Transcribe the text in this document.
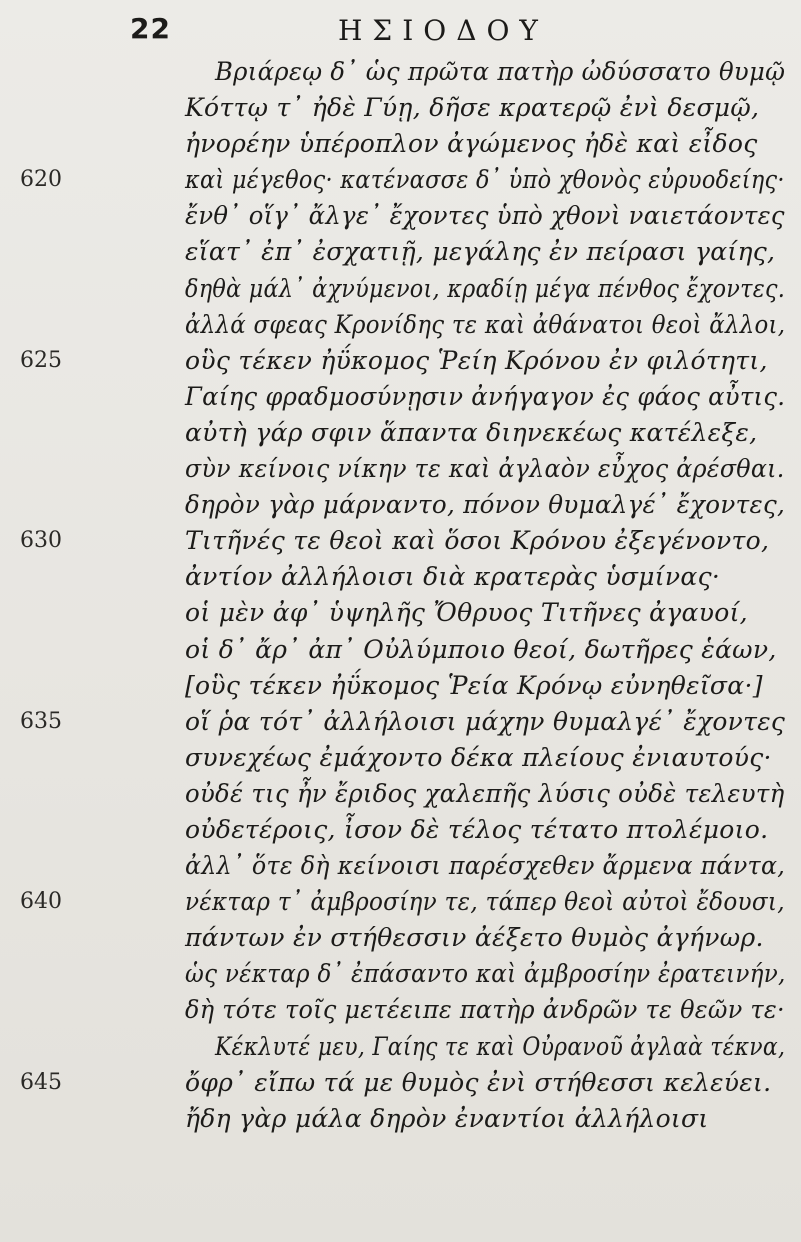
22	ΗΣΙΟΔΟΥ
Βριάρεῳ δ᾽ ὡς πρῶτα πατὴρ ὠδύσσατο θυμῷ
Κόττῳ τ᾽ ἠδὲ Γύῃ, δῆσε κρατερῷ ἐνὶ δεσμῷ,
ἠνορέην ὑπέροπλον ἀγώμενος ἠδὲ καὶ εἶδος
620	καὶ μέγεθος· κατένασσε δ᾽ ὑπὸ χθονὸς εὐρυοδείης·
ἔνθ᾽ οἵγ᾽ ἄλγε᾽ ἔχοντες ὑπὸ χθονὶ ναιετάοντες
εἵατ᾽ ἐπ᾽ ἐσχατιῇ, μεγάλης ἐν πείρασι γαίης,
δηθὰ μάλ᾽ ἀχνύμενοι, κραδίῃ μέγα πένθος ἔχοντες.
ἀλλά σφεας Κρονίδης τε καὶ ἀθάνατοι θεοὶ ἄλλοι,
625	οὓς τέκεν ἠΰκομος Ῥείη Κρόνου ἐν φιλότητι,
Γαίης φραδμοσύνῃσιν ἀνήγαγον ἐς φάος αὖτις.
αὐτὴ γάρ σφιν ἅπαντα διηνεκέως κατέλεξε,
σὺν κείνοις νίκην τε καὶ ἀγλαὸν εὖχος ἀρέσθαι.
δηρὸν γὰρ μάρναντο, πόνον θυμαλγέ᾽ ἔχοντες,
630	Τιτῆνές τε θεοὶ καὶ ὅσοι Κρόνου ἐξεγένοντο,
ἀντίον ἀλλήλοισι διὰ κρατερὰς ὑσμίνας·
οἱ μὲν ἀφ᾽ ὑψηλῆς Ὄθρυος Τιτῆνες ἀγαυοί,
οἱ δ᾽ ἄρ᾽ ἀπ᾽ Οὐλύμποιο θεοί, δωτῆρες ἑάων,
[οὓς τέκεν ἠΰκομος Ῥεία Κρόνῳ εὐνηθεῖσα·]
635	οἵ ῥα τότ᾽ ἀλλήλοισι μάχην θυμαλγέ᾽ ἔχοντες
συνεχέως ἐμάχοντο δέκα πλείους ἐνιαυτούς·
οὐδέ τις ἦν ἔριδος χαλεπῆς λύσις οὐδὲ τελευτὴ
οὐδετέροις, ἶσον δὲ τέλος τέτατο πτολέμοιο.
ἀλλ᾽ ὅτε δὴ κείνοισι παρέσχεθεν ἄρμενα πάντα,
640	νέκταρ τ᾽ ἀμβροσίην τε, τάπερ θεοὶ αὐτοὶ ἔδουσι,
πάντων ἐν στήθεσσιν ἀέξετο θυμὸς ἀγήνωρ.
ὡς νέκταρ δ᾽ ἐπάσαντο καὶ ἀμβροσίην ἐρατεινήν,
δὴ τότε τοῖς μετέειπε πατὴρ ἀνδρῶν τε θεῶν τε·
Κέκλυτέ μευ, Γαίης τε καὶ Οὐρανοῦ ἀγλαὰ τέκνα,
645	ὄφρ᾽ εἴπω τά με θυμὸς ἐνὶ στήθεσσι κελεύει.
ἤδη γὰρ μάλα δηρὸν ἐναντίοι ἀλλήλοισι
